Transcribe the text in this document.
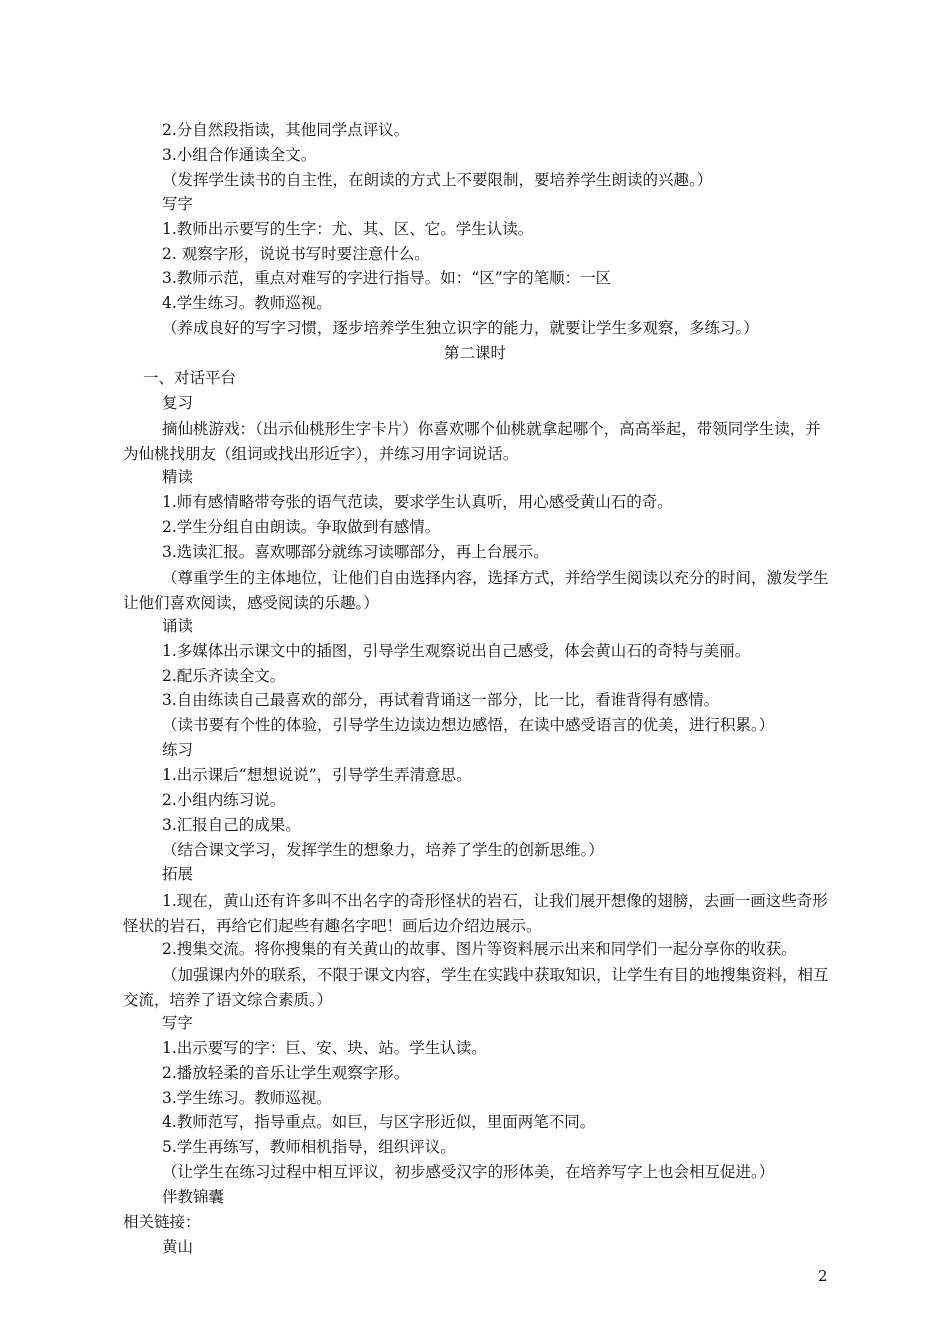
2.分自然段指读，其他同学点评议。
3.小组合作通读全文。
（发挥学生读书的自主性，在朗读的方式上不要限制，要培养学生朗读的兴趣。）
写字
1.教师出示要写的生字：尤、其、区、它。学生认读。
2. 观察字形，说说书写时要注意什么。
3.教师示范，重点对难写的字进行指导。如：“区”字的笔顺：一区
4.学生练习。教师巡视。
（养成良好的写字习惯，逐步培养学生独立识字的能力，就要让学生多观察，多练习。）
第二课时
一、对话平台
复习
摘仙桃游戏：（出示仙桃形生字卡片）你喜欢哪个仙桃就拿起哪个，高高举起，带领同学生读，并为仙桃找朋友（组词或找出形近字），并练习用字词说话。
精读
1.师有感情略带夸张的语气范读，要求学生认真听，用心感受黄山石的奇。
2.学生分组自由朗读。争取做到有感情。
3.选读汇报。喜欢哪部分就练习读哪部分，再上台展示。
（尊重学生的主体地位，让他们自由选择内容，选择方式，并给学生阅读以充分的时间，激发学生让他们喜欢阅读，感受阅读的乐趣。）
诵读
1.多媒体出示课文中的插图，引导学生观察说出自己感受，体会黄山石的奇特与美丽。
2.配乐齐读全文。
3.自由练读自己最喜欢的部分，再试着背诵这一部分，比一比，看谁背得有感情。
（读书要有个性的体验，引导学生边读边想边感悟，在读中感受语言的优美，进行积累。）
练习
1.出示课后“想想说说”，引导学生弄清意思。
2.小组内练习说。
3.汇报自己的成果。
（结合课文学习，发挥学生的想象力，培养了学生的创新思维。）
拓展
1.现在，黄山还有许多叫不出名字的奇形怪状的岩石，让我们展开想像的翅膀，去画一画这些奇形怪状的岩石，再给它们起些有趣名字吧！画后边介绍边展示。
2.搜集交流。将你搜集的有关黄山的故事、图片等资料展示出来和同学们一起分享你的收获。
（加强课内外的联系，不限于课文内容，学生在实践中获取知识，让学生有目的地搜集资料，相互交流，培养了语文综合素质。）
写字
1.出示要写的字：巨、安、块、站。学生认读。
2.播放轻柔的音乐让学生观察字形。
3.学生练习。教师巡视。
4.教师范写，指导重点。如巨，与区字形近似，里面两笔不同。
5.学生再练写，教师相机指导，组织评议。
（让学生在练习过程中相互评议，初步感受汉字的形体美，在培养写字上也会相互促进。）
伴教锦囊
相关链接：
黄山
2
